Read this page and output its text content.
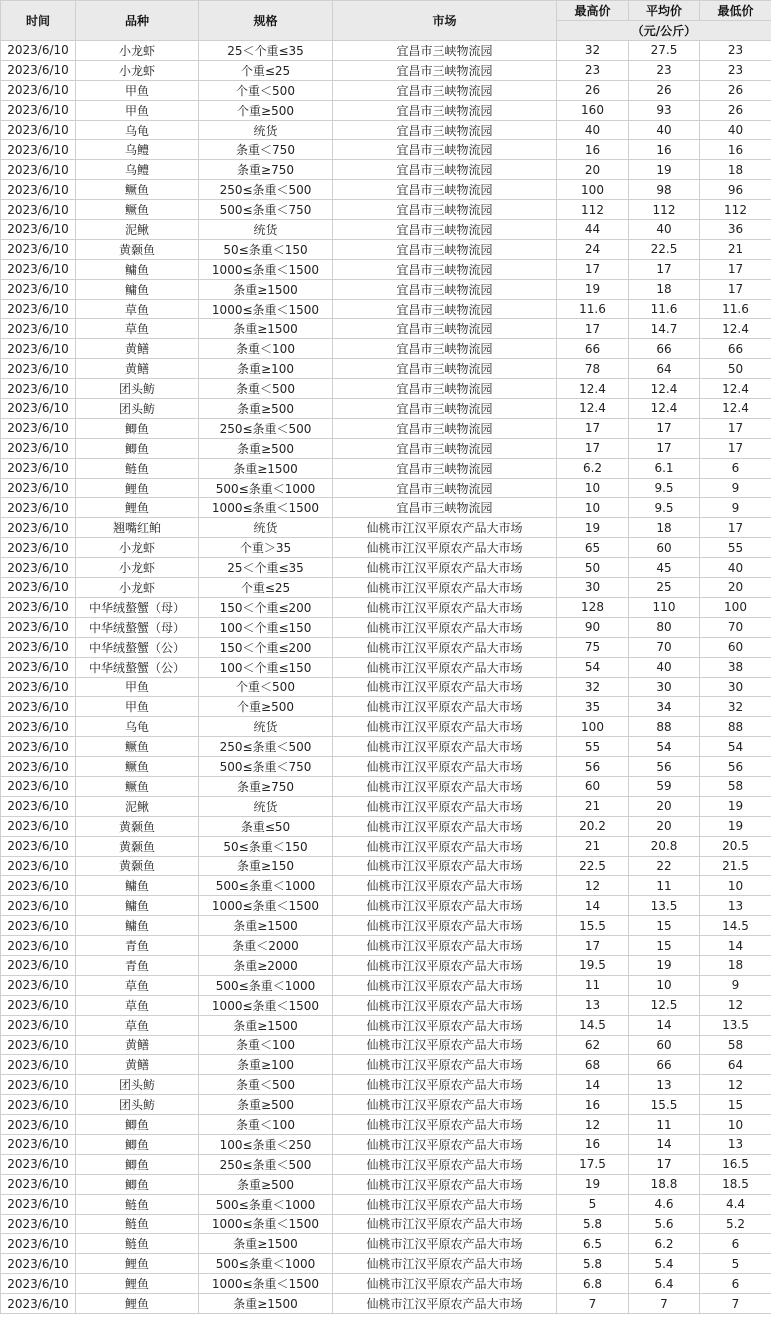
时间	品种	规格	市场	最高价	平均价	最低价
				（元/公斤）		
2023/6/10	小龙虾	25＜个重≤35	宜昌市三峡物流园	32	27.5	23
2023/6/10	小龙虾	个重≤25	宜昌市三峡物流园	23	23	23
2023/6/10	甲鱼	个重＜500	宜昌市三峡物流园	26	26	26
2023/6/10	甲鱼	个重≥500	宜昌市三峡物流园	160	93	26
2023/6/10	乌龟	统货	宜昌市三峡物流园	40	40	40
2023/6/10	乌鳢	条重＜750	宜昌市三峡物流园	16	16	16
2023/6/10	乌鳢	条重≥750	宜昌市三峡物流园	20	19	18
2023/6/10	鳜鱼	250≤条重＜500	宜昌市三峡物流园	100	98	96
2023/6/10	鳜鱼	500≤条重＜750	宜昌市三峡物流园	112	112	112
2023/6/10	泥鳅	统货	宜昌市三峡物流园	44	40	36
2023/6/10	黄颡鱼	50≤条重＜150	宜昌市三峡物流园	24	22.5	21
2023/6/10	鳙鱼	1000≤条重＜1500	宜昌市三峡物流园	17	17	17
2023/6/10	鳙鱼	条重≥1500	宜昌市三峡物流园	19	18	17
2023/6/10	草鱼	1000≤条重＜1500	宜昌市三峡物流园	11.6	11.6	11.6
2023/6/10	草鱼	条重≥1500	宜昌市三峡物流园	17	14.7	12.4
2023/6/10	黄鳝	条重＜100	宜昌市三峡物流园	66	66	66
2023/6/10	黄鳝	条重≥100	宜昌市三峡物流园	78	64	50
2023/6/10	团头鲂	条重＜500	宜昌市三峡物流园	12.4	12.4	12.4
2023/6/10	团头鲂	条重≥500	宜昌市三峡物流园	12.4	12.4	12.4
2023/6/10	鲫鱼	250≤条重＜500	宜昌市三峡物流园	17	17	17
2023/6/10	鲫鱼	条重≥500	宜昌市三峡物流园	17	17	17
2023/6/10	鲢鱼	条重≥1500	宜昌市三峡物流园	6.2	6.1	6
2023/6/10	鲤鱼	500≤条重＜1000	宜昌市三峡物流园	10	9.5	9
2023/6/10	鲤鱼	1000≤条重＜1500	宜昌市三峡物流园	10	9.5	9
2023/6/10	翘嘴红鲌	统货	仙桃市江汉平原农产品大市场	19	18	17
2023/6/10	小龙虾	个重＞35	仙桃市江汉平原农产品大市场	65	60	55
2023/6/10	小龙虾	25＜个重≤35	仙桃市江汉平原农产品大市场	50	45	40
2023/6/10	小龙虾	个重≤25	仙桃市江汉平原农产品大市场	30	25	20
2023/6/10	中华绒螯蟹（母）	150＜个重≤200	仙桃市江汉平原农产品大市场	128	110	100
2023/6/10	中华绒螯蟹（母）	100＜个重≤150	仙桃市江汉平原农产品大市场	90	80	70
2023/6/10	中华绒螯蟹（公）	150＜个重≤200	仙桃市江汉平原农产品大市场	75	70	60
2023/6/10	中华绒螯蟹（公）	100＜个重≤150	仙桃市江汉平原农产品大市场	54	40	38
2023/6/10	甲鱼	个重＜500	仙桃市江汉平原农产品大市场	32	30	30
2023/6/10	甲鱼	个重≥500	仙桃市江汉平原农产品大市场	35	34	32
2023/6/10	乌龟	统货	仙桃市江汉平原农产品大市场	100	88	88
2023/6/10	鳜鱼	250≤条重＜500	仙桃市江汉平原农产品大市场	55	54	54
2023/6/10	鳜鱼	500≤条重＜750	仙桃市江汉平原农产品大市场	56	56	56
2023/6/10	鳜鱼	条重≥750	仙桃市江汉平原农产品大市场	60	59	58
2023/6/10	泥鳅	统货	仙桃市江汉平原农产品大市场	21	20	19
2023/6/10	黄颡鱼	条重≤50	仙桃市江汉平原农产品大市场	20.2	20	19
2023/6/10	黄颡鱼	50≤条重＜150	仙桃市江汉平原农产品大市场	21	20.8	20.5
2023/6/10	黄颡鱼	条重≥150	仙桃市江汉平原农产品大市场	22.5	22	21.5
2023/6/10	鳙鱼	500≤条重＜1000	仙桃市江汉平原农产品大市场	12	11	10
2023/6/10	鳙鱼	1000≤条重＜1500	仙桃市江汉平原农产品大市场	14	13.5	13
2023/6/10	鳙鱼	条重≥1500	仙桃市江汉平原农产品大市场	15.5	15	14.5
2023/6/10	青鱼	条重＜2000	仙桃市江汉平原农产品大市场	17	15	14
2023/6/10	青鱼	条重≥2000	仙桃市江汉平原农产品大市场	19.5	19	18
2023/6/10	草鱼	500≤条重＜1000	仙桃市江汉平原农产品大市场	11	10	9
2023/6/10	草鱼	1000≤条重＜1500	仙桃市江汉平原农产品大市场	13	12.5	12
2023/6/10	草鱼	条重≥1500	仙桃市江汉平原农产品大市场	14.5	14	13.5
2023/6/10	黄鳝	条重＜100	仙桃市江汉平原农产品大市场	62	60	58
2023/6/10	黄鳝	条重≥100	仙桃市江汉平原农产品大市场	68	66	64
2023/6/10	团头鲂	条重＜500	仙桃市江汉平原农产品大市场	14	13	12
2023/6/10	团头鲂	条重≥500	仙桃市江汉平原农产品大市场	16	15.5	15
2023/6/10	鲫鱼	条重＜100	仙桃市江汉平原农产品大市场	12	11	10
2023/6/10	鲫鱼	100≤条重＜250	仙桃市江汉平原农产品大市场	16	14	13
2023/6/10	鲫鱼	250≤条重＜500	仙桃市江汉平原农产品大市场	17.5	17	16.5
2023/6/10	鲫鱼	条重≥500	仙桃市江汉平原农产品大市场	19	18.8	18.5
2023/6/10	鲢鱼	500≤条重＜1000	仙桃市江汉平原农产品大市场	5	4.6	4.4
2023/6/10	鲢鱼	1000≤条重＜1500	仙桃市江汉平原农产品大市场	5.8	5.6	5.2
2023/6/10	鲢鱼	条重≥1500	仙桃市江汉平原农产品大市场	6.5	6.2	6
2023/6/10	鲤鱼	500≤条重＜1000	仙桃市江汉平原农产品大市场	5.8	5.4	5
2023/6/10	鲤鱼	1000≤条重＜1500	仙桃市江汉平原农产品大市场	6.8	6.4	6
2023/6/10	鲤鱼	条重≥1500	仙桃市江汉平原农产品大市场	7	7	7
